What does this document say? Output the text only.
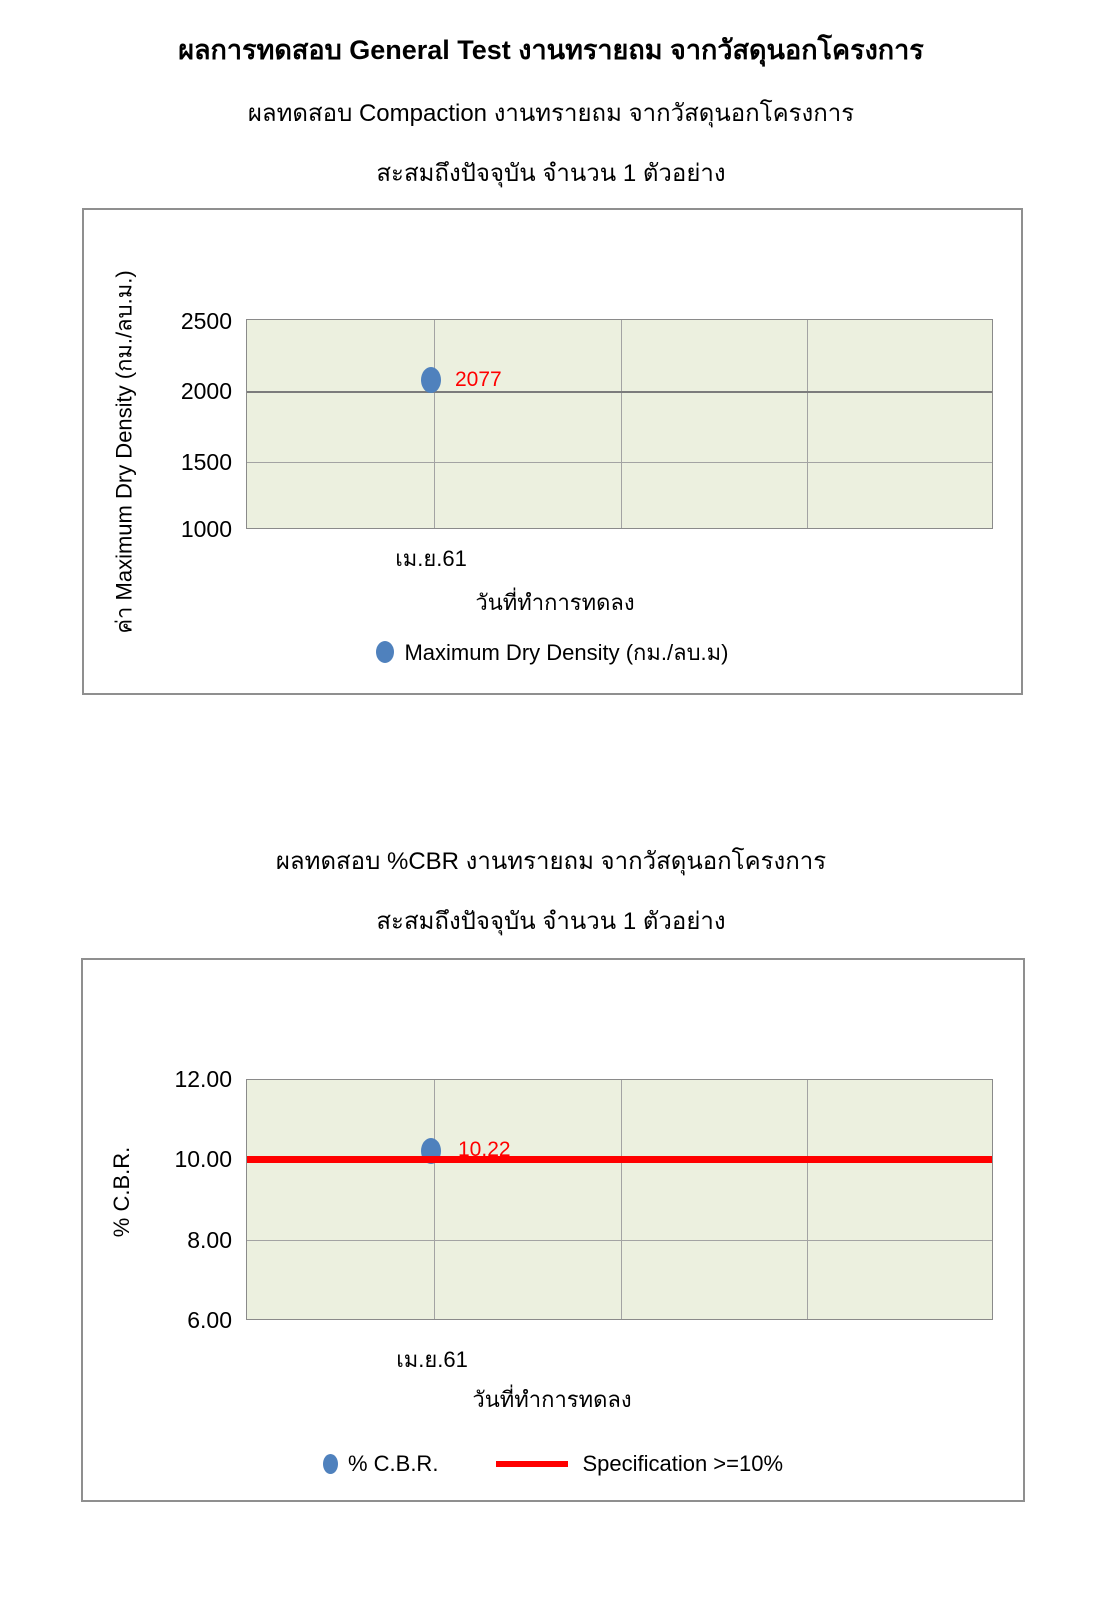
ผลการทดสอบ General Test งานทรายถม จากวัสดุนอกโครงการ
ผลทดสอบ Compaction งานทรายถม จากวัสดุนอกโครงการ
สะสมถึงปัจจุบัน จำนวน 1 ตัวอย่าง
ค่า Maximum Dry Density (กม./ลบ.ม.)	2500
2000
1500
1000
2077
เม.ย.61
วันที่ทำการทดลง
Maximum Dry Density (กม./ลบ.ม)
ผลทดสอบ %CBR งานทรายถม จากวัสดุนอกโครงการ
สะสมถึงปัจจุบัน จำนวน 1 ตัวอย่าง
% C.B.R.
12.00
10.00
8.00
6.00
10.22
เม.ย.61
วันที่ทำการทดลง
% C.B.R.	Specification >=10%
